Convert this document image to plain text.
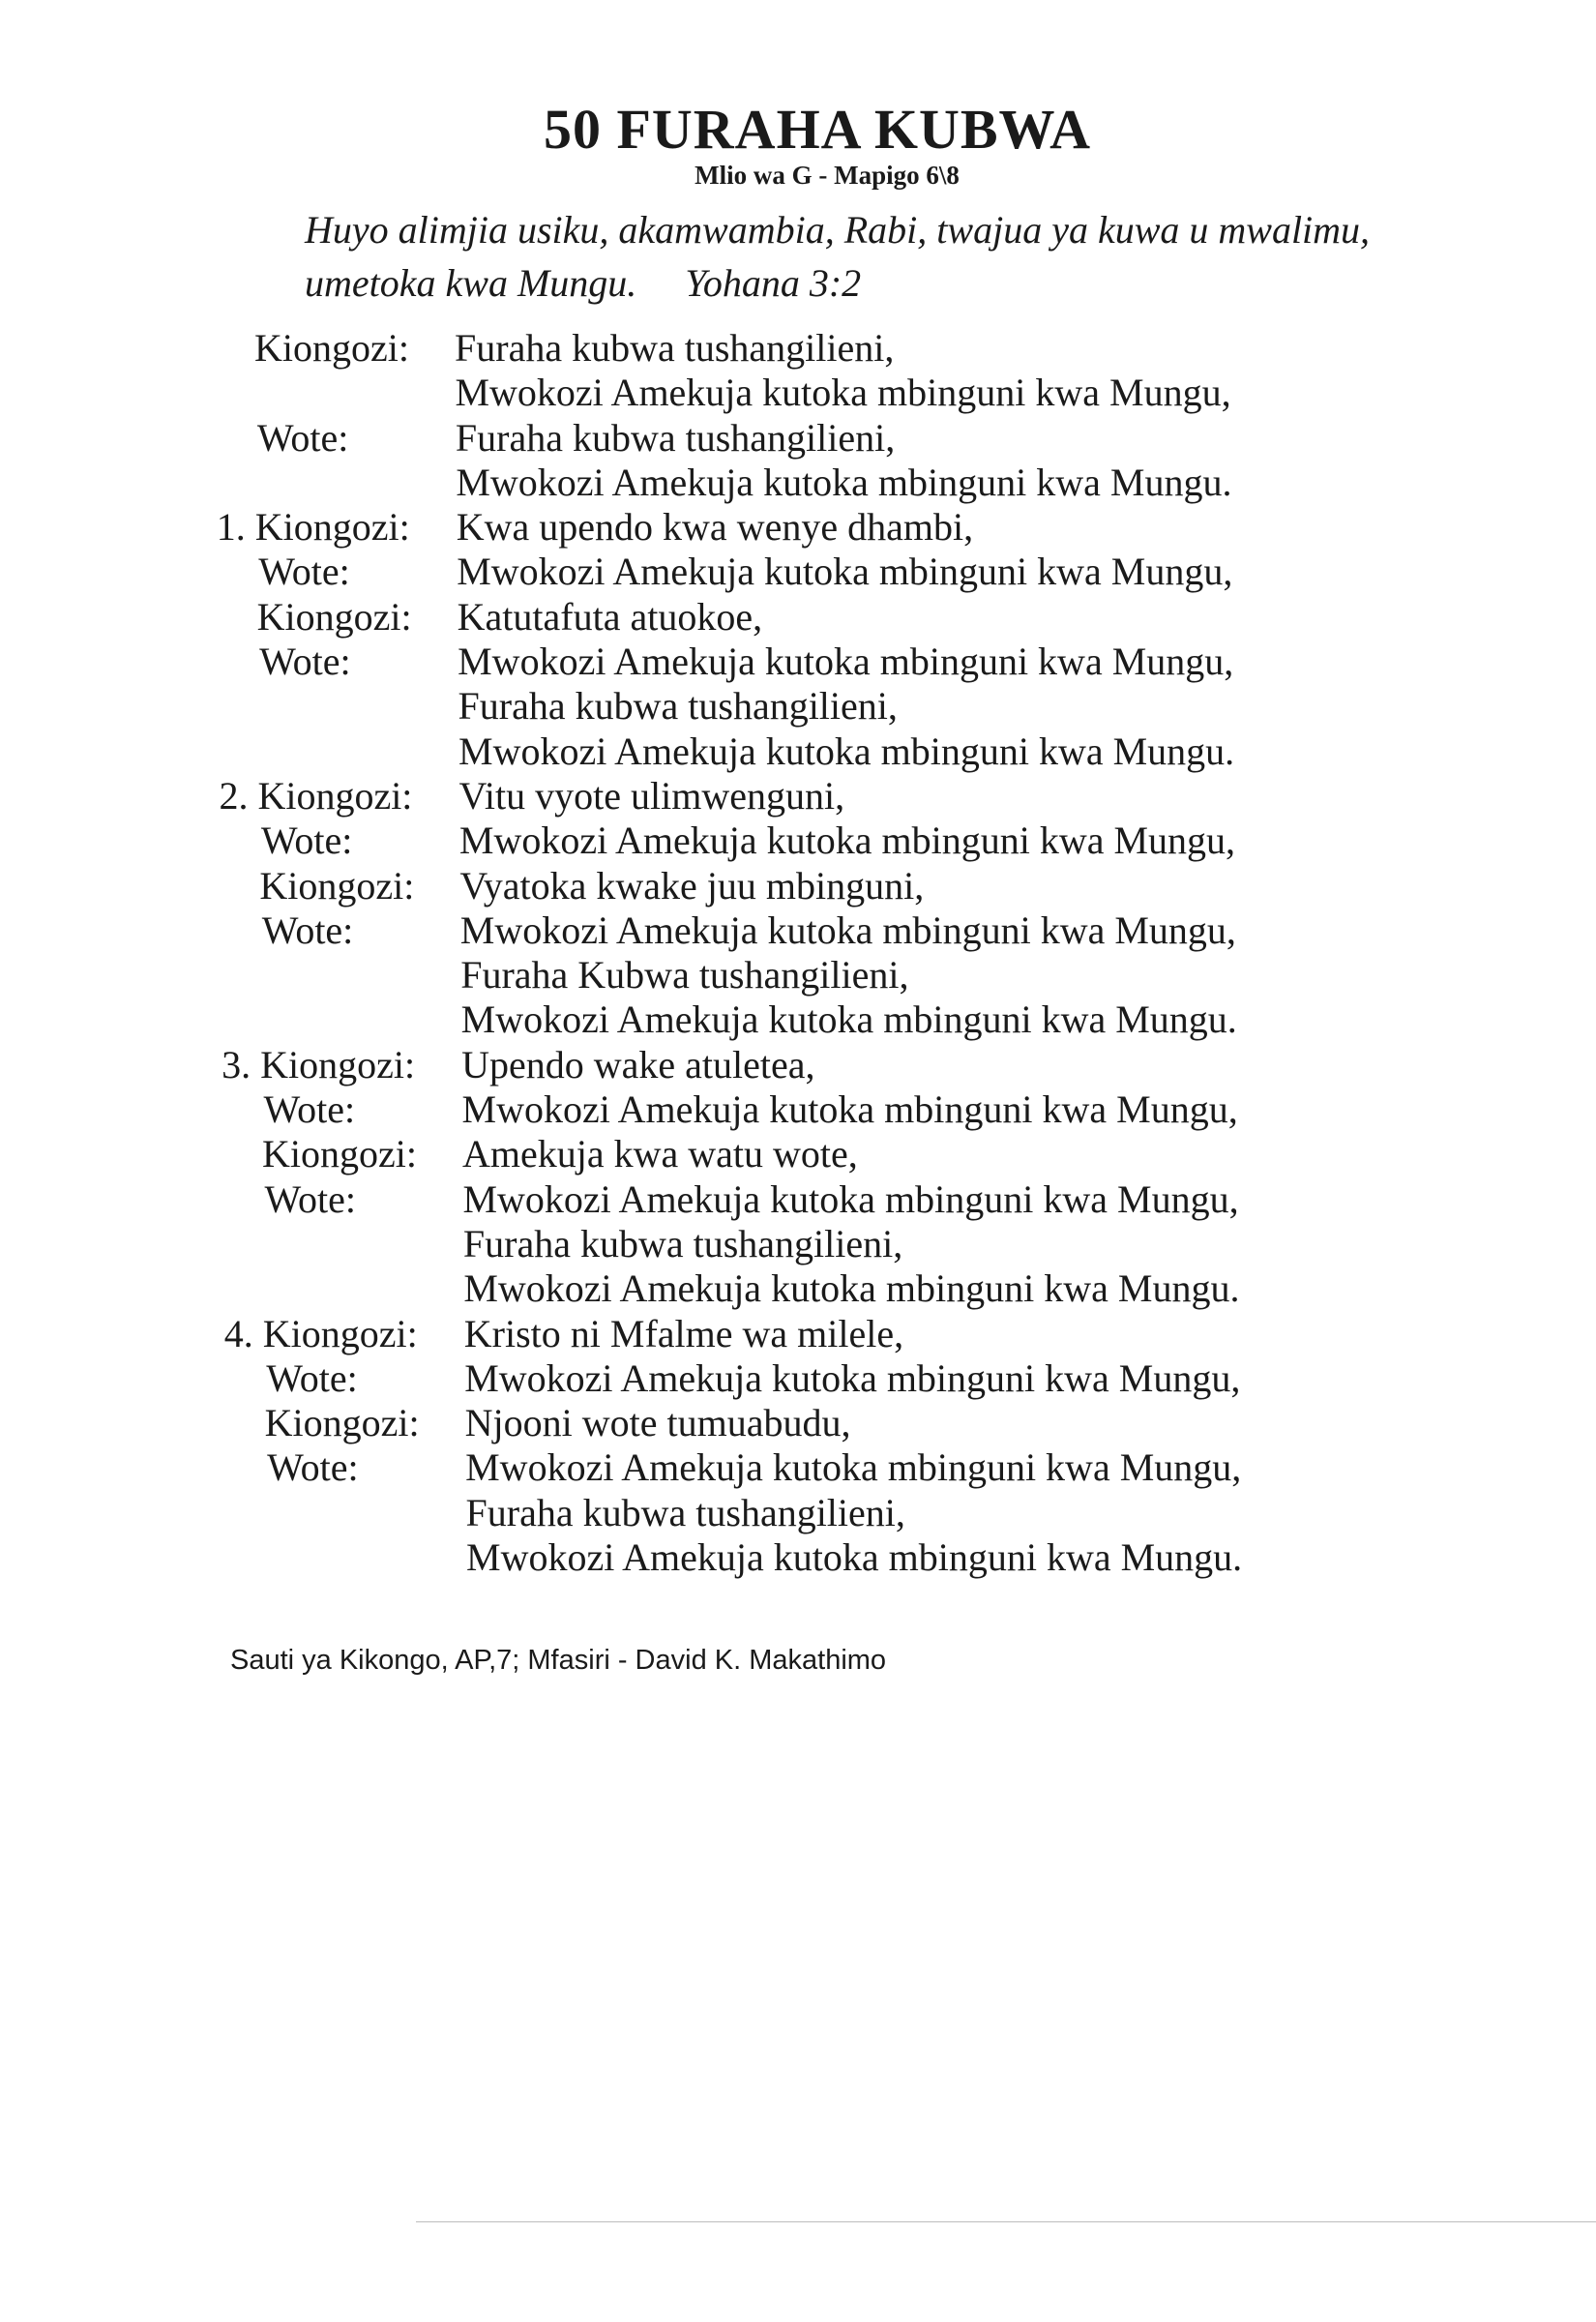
50 FURAHA KUBWA
Mlio wa G - Mapigo 6\8
Huyo alimjia usiku, akamwambia, Rabi, twajua ya kuwa u mwalimu,
umetoka kwa Mungu. Yohana 3:2
Kiongozi: Furaha kubwa tushangilieni,
Mwokozi Amekuja kutoka mbinguni kwa Mungu,
Wote:	Furaha kubwa tushangilieni,
Mwokozi Amekuja kutoka mbinguni kwa Mungu.
1. Kiongozi: Kwa upendo kwa wenye dhambi,
Wote:	Mwokozi Amekuja kutoka mbinguni kwa Mungu,
Kiongozi: Katutafuta atuokoe,
Wote:	Mwokozi Amekuja kutoka mbinguni kwa Mungu,
Furaha kubwa tushangilieni,
Mwokozi Amekuja kutoka mbinguni kwa Mungu.
2. Kiongozi: Vitu vyote ulimwenguni,
Wote:	Mwokozi Amekuja kutoka mbinguni kwa Mungu,
Kiongozi: Vyatoka kwake juu mbinguni,
Wote:	Mwokozi Amekuja kutoka mbinguni kwa Mungu,
Furaha Kubwa tushangilieni,
Mwokozi Amekuja kutoka mbinguni kwa Mungu.
3. Kiongozi: Upendo wake atuletea,
Wote:	Mwokozi Amekuja kutoka mbinguni kwa Mungu,
Kiongozi: Amekuja kwa watu wote,
Wote:	Mwokozi Amekuja kutoka mbinguni kwa Mungu,
Furaha kubwa tushangilieni,
Mwokozi Amekuja kutoka mbinguni kwa Mungu.
4. Kiongozi: Kristo ni Mfalme wa milele,
Wote:	Mwokozi Amekuja kutoka mbinguni kwa Mungu,
Kiongozi: Njooni wote tumuabudu,
Wote:	Mwokozi Amekuja kutoka mbinguni kwa Mungu,
Furaha kubwa tushangilieni,
Mwokozi Amekuja kutoka mbinguni kwa Mungu.
Sauti ya Kikongo, AP,7; Mfasiri - David K. Makathimo
